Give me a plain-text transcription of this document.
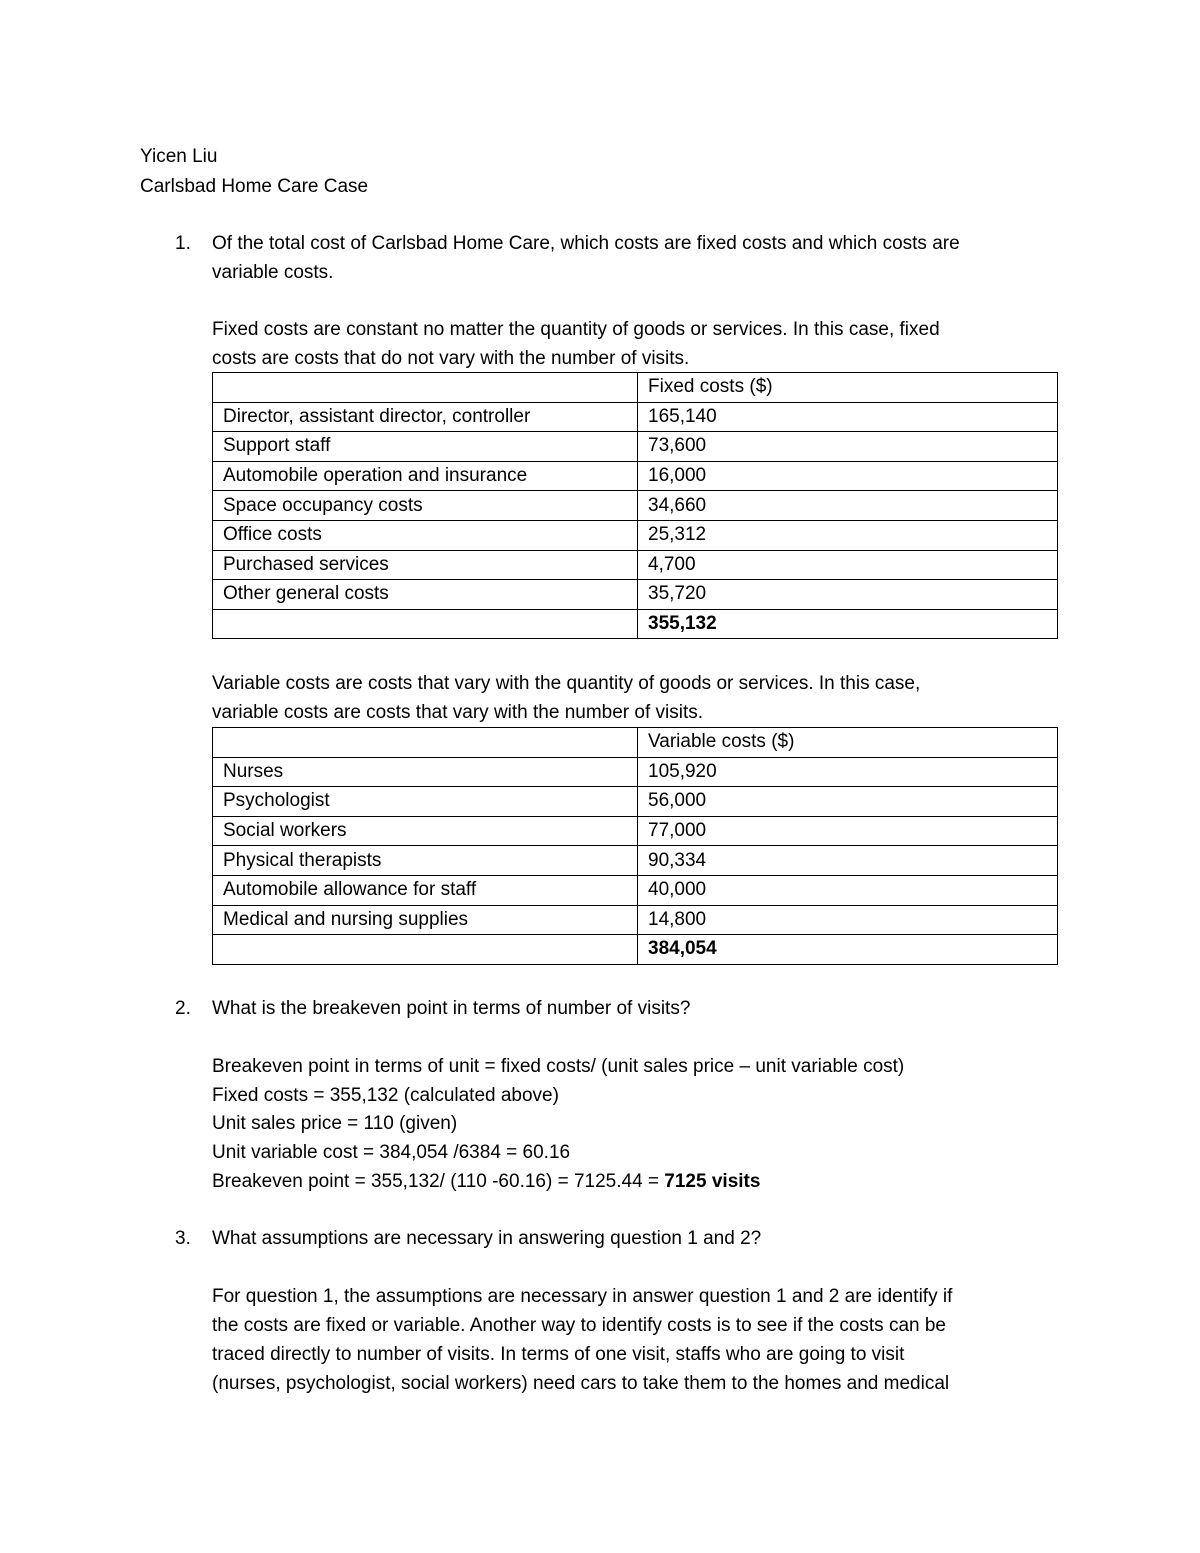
Yicen Liu
Carlsbad Home Care Case
1. Of the total cost of Carlsbad Home Care, which costs are fixed costs and which costs are
variable costs.
Fixed costs are constant no matter the quantity of goods or services. In this case, fixed
costs are costs that do not vary with the number of visits.
	Fixed costs ($)
Director, assistant director, controller	165,140
Support staff	73,600
Automobile operation and insurance	16,000
Space occupancy costs	34,660
Office costs	25,312
Purchased services	4,700
Other general costs	35,720
	355,132
Variable costs are costs that vary with the quantity of goods or services. In this case,
variable costs are costs that vary with the number of visits.
	Variable costs ($)
Nurses	105,920
Psychologist	56,000
Social workers	77,000
Physical therapists	90,334
Automobile allowance for staff	40,000
Medical and nursing supplies	14,800
	384,054
2. What is the breakeven point in terms of number of visits?
Breakeven point in terms of unit = fixed costs/ (unit sales price – unit variable cost)
Fixed costs = 355,132 (calculated above)
Unit sales price = 110 (given)
Unit variable cost = 384,054 /6384 = 60.16
Breakeven point = 355,132/ (110 -60.16) = 7125.44 = 7125 visits
3. What assumptions are necessary in answering question 1 and 2?
For question 1, the assumptions are necessary in answer question 1 and 2 are identify if
the costs are fixed or variable. Another way to identify costs is to see if the costs can be
traced directly to number of visits. In terms of one visit, staffs who are going to visit
(nurses, psychologist, social workers) need cars to take them to the homes and medical
